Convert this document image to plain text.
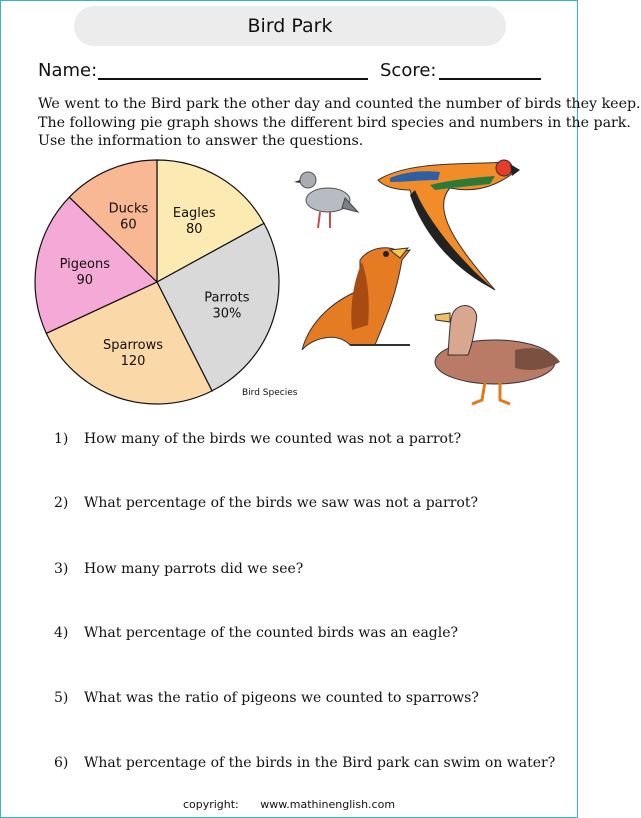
Bird Park
Name:	Score:
We went to the Bird park the other day and counted the number of birds they keep.
The following pie graph shows the different bird species and numbers in the park.
Use the information to answer the questions.
Eagles
80
Parrots
30%
Sparrows
120
Pigeons
90
Ducks
60
Bird Species
1)	How many of the birds we counted was not a parrot?
2)	What percentage of the birds we saw was not a parrot?
3)	How many parrots did we see?
4)	What percentage of the counted birds was an eagle?
5)	What was the ratio of pigeons we counted to sparrows?
6)	What percentage of the birds in the Bird park can swim on water?
copyright: www.mathinenglish.com
